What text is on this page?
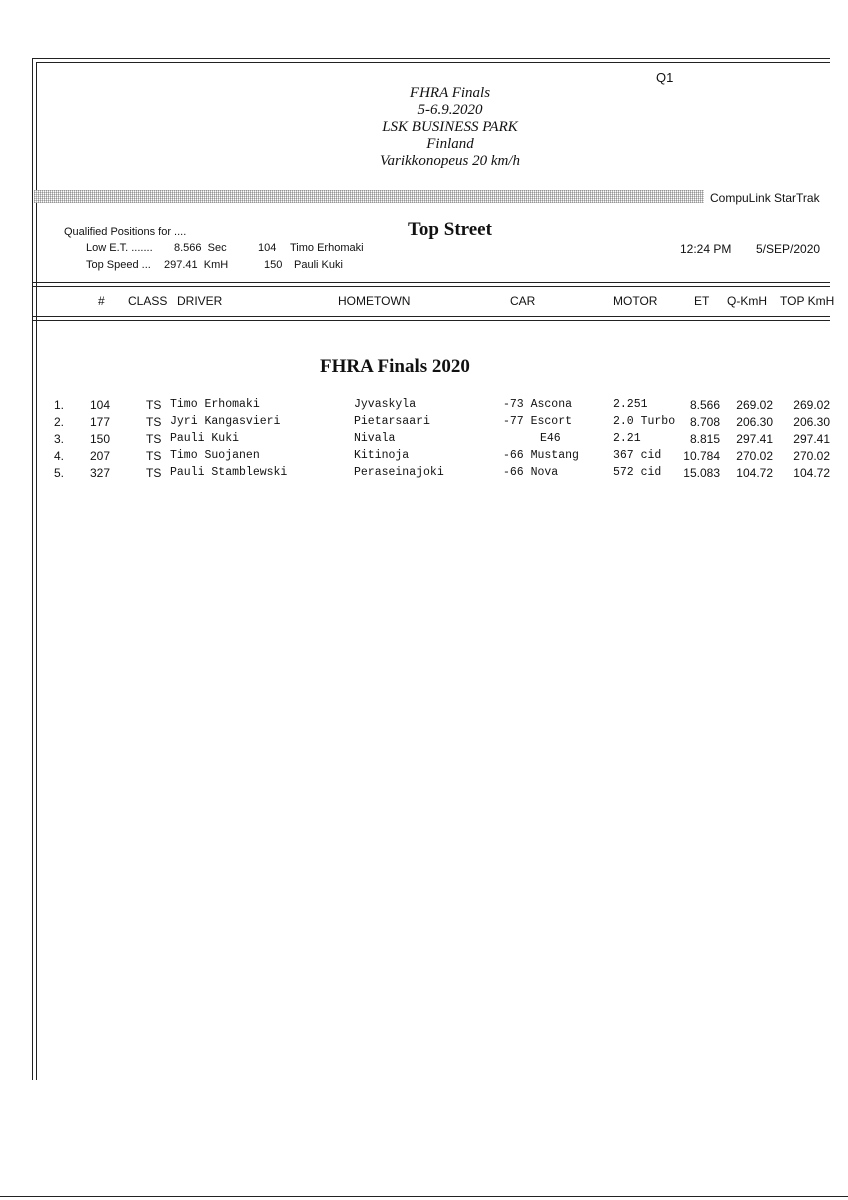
Q1
FHRA Finals
5-6.9.2020
LSK BUSINESS PARK
Finland
Varikkonopeus 20 km/h
CompuLink StarTrak
Qualified Positions for ....
Low E.T. ....... 8.566  Sec	104 Timo Erhomaki
Top Speed ... 297.41  KmH	150 Pauli Kuki
Top Street
12:24 PM 5/SEP/2020
# CLASS DRIVER	HOMETOWN	CAR	MOTOR	ET Q-KmH TOP KmH
FHRA Finals 2020
1. 104	TS Timo Erhomaki	Jyvaskyla	-73 Ascona	2.251	8.566 269.02 269.02
2. 177	TS Jyri Kangasvieri	Pietarsaari	-77 Escort	2.0 Turbo 8.708 206.30 206.30
3. 150	TS Pauli Kuki	Nivala	E46	2.21	8.815 297.41 297.41
4. 207	TS Timo Suojanen	Kitinoja	-66 Mustang	367 cid 10.784 270.02 270.02
5. 327	TS Pauli Stamblewski	Peraseinajoki	-66 Nova	572 cid 15.083 104.72 104.72
